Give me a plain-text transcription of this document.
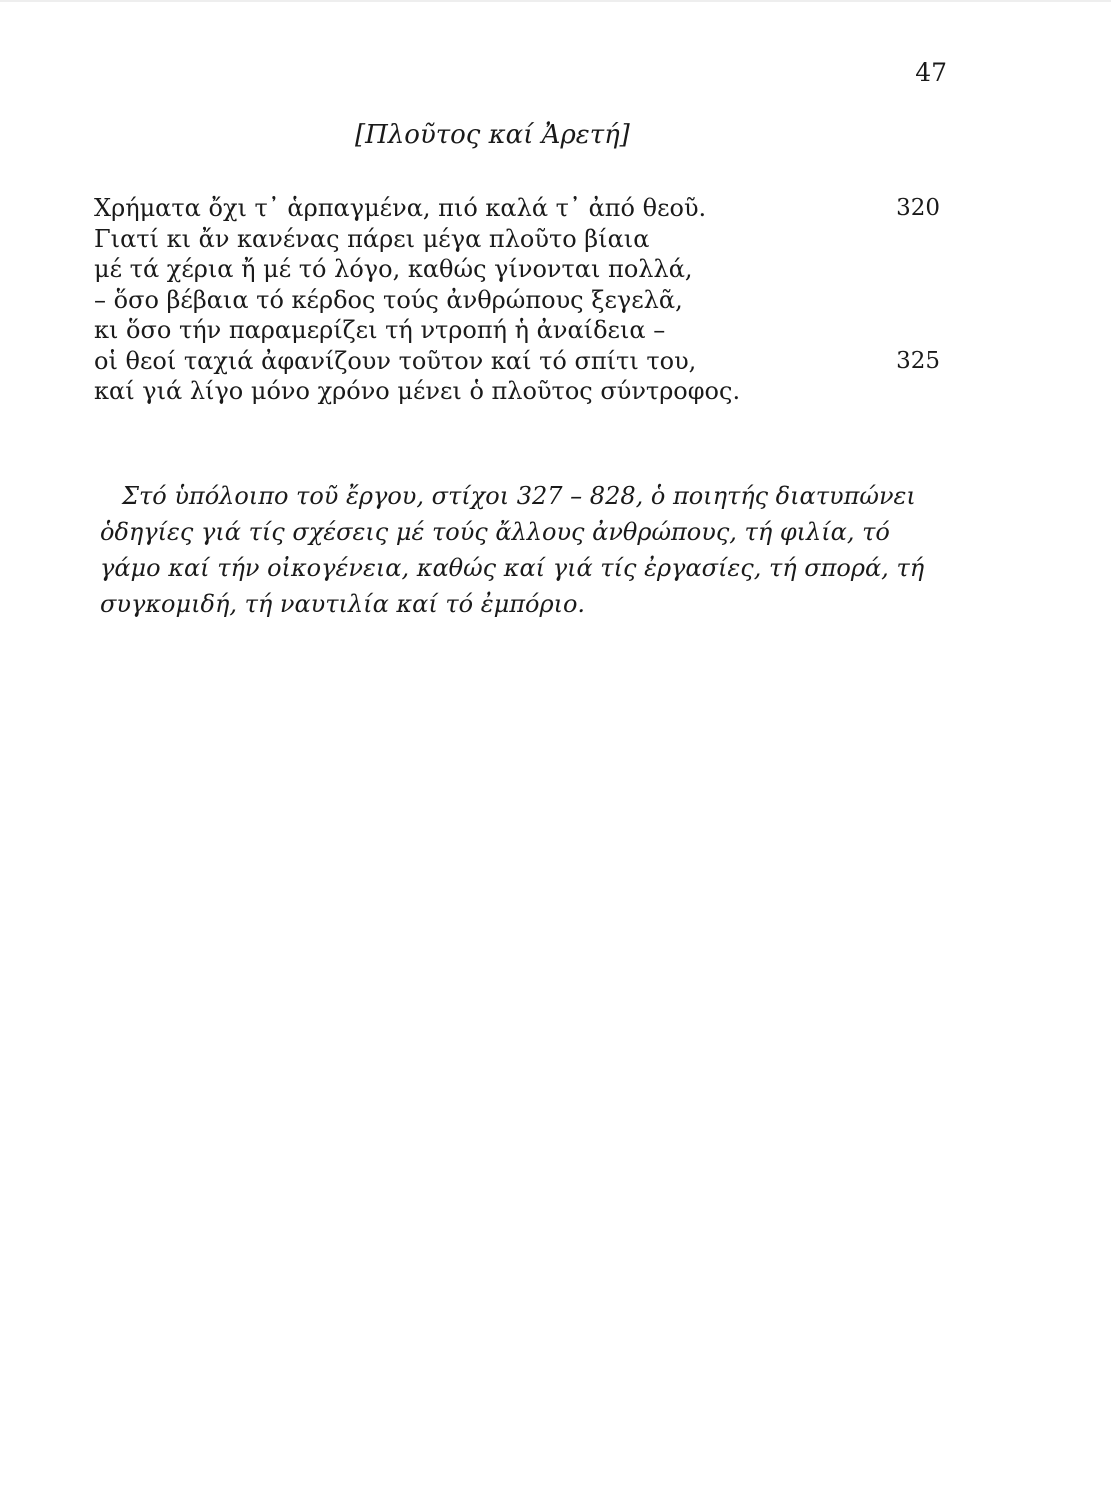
47
[Πλοῦτος καί Ἀρετή]
Χρήματα ὄχι τ᾽ ἁρπαγμένα, πιό καλά τ᾽ ἀπό θεοῦ.	320
Γιατί κι ἄν κανένας πάρει μέγα πλοῦτο βίαια
μέ τά χέρια ἤ μέ τό λόγο, καθώς γίνονται πολλά,
– ὅσο βέβαια τό κέρδος τούς ἀνθρώπους ξεγελᾶ,
κι ὅσο τήν παραμερίζει τή ντροπή ἡ ἀναίδεια –
οἱ θεοί ταχιά ἀφανίζουν τοῦτον καί τό σπίτι του,	325
καί γιά λίγο μόνο χρόνο μένει ὁ πλοῦτος σύντροφος.
Στό ὑπόλοιπο τοῦ ἔργου, στίχοι 327 – 828, ὁ ποιητής διατυπώνει
ὁδηγίες γιά τίς σχέσεις μέ τούς ἄλλους ἀνθρώπους, τή φιλία, τό
γάμο καί τήν οἰκογένεια, καθώς καί γιά τίς ἐργασίες, τή σπορά, τή
συγκομιδή, τή ναυτιλία καί τό ἐμπόριο.
